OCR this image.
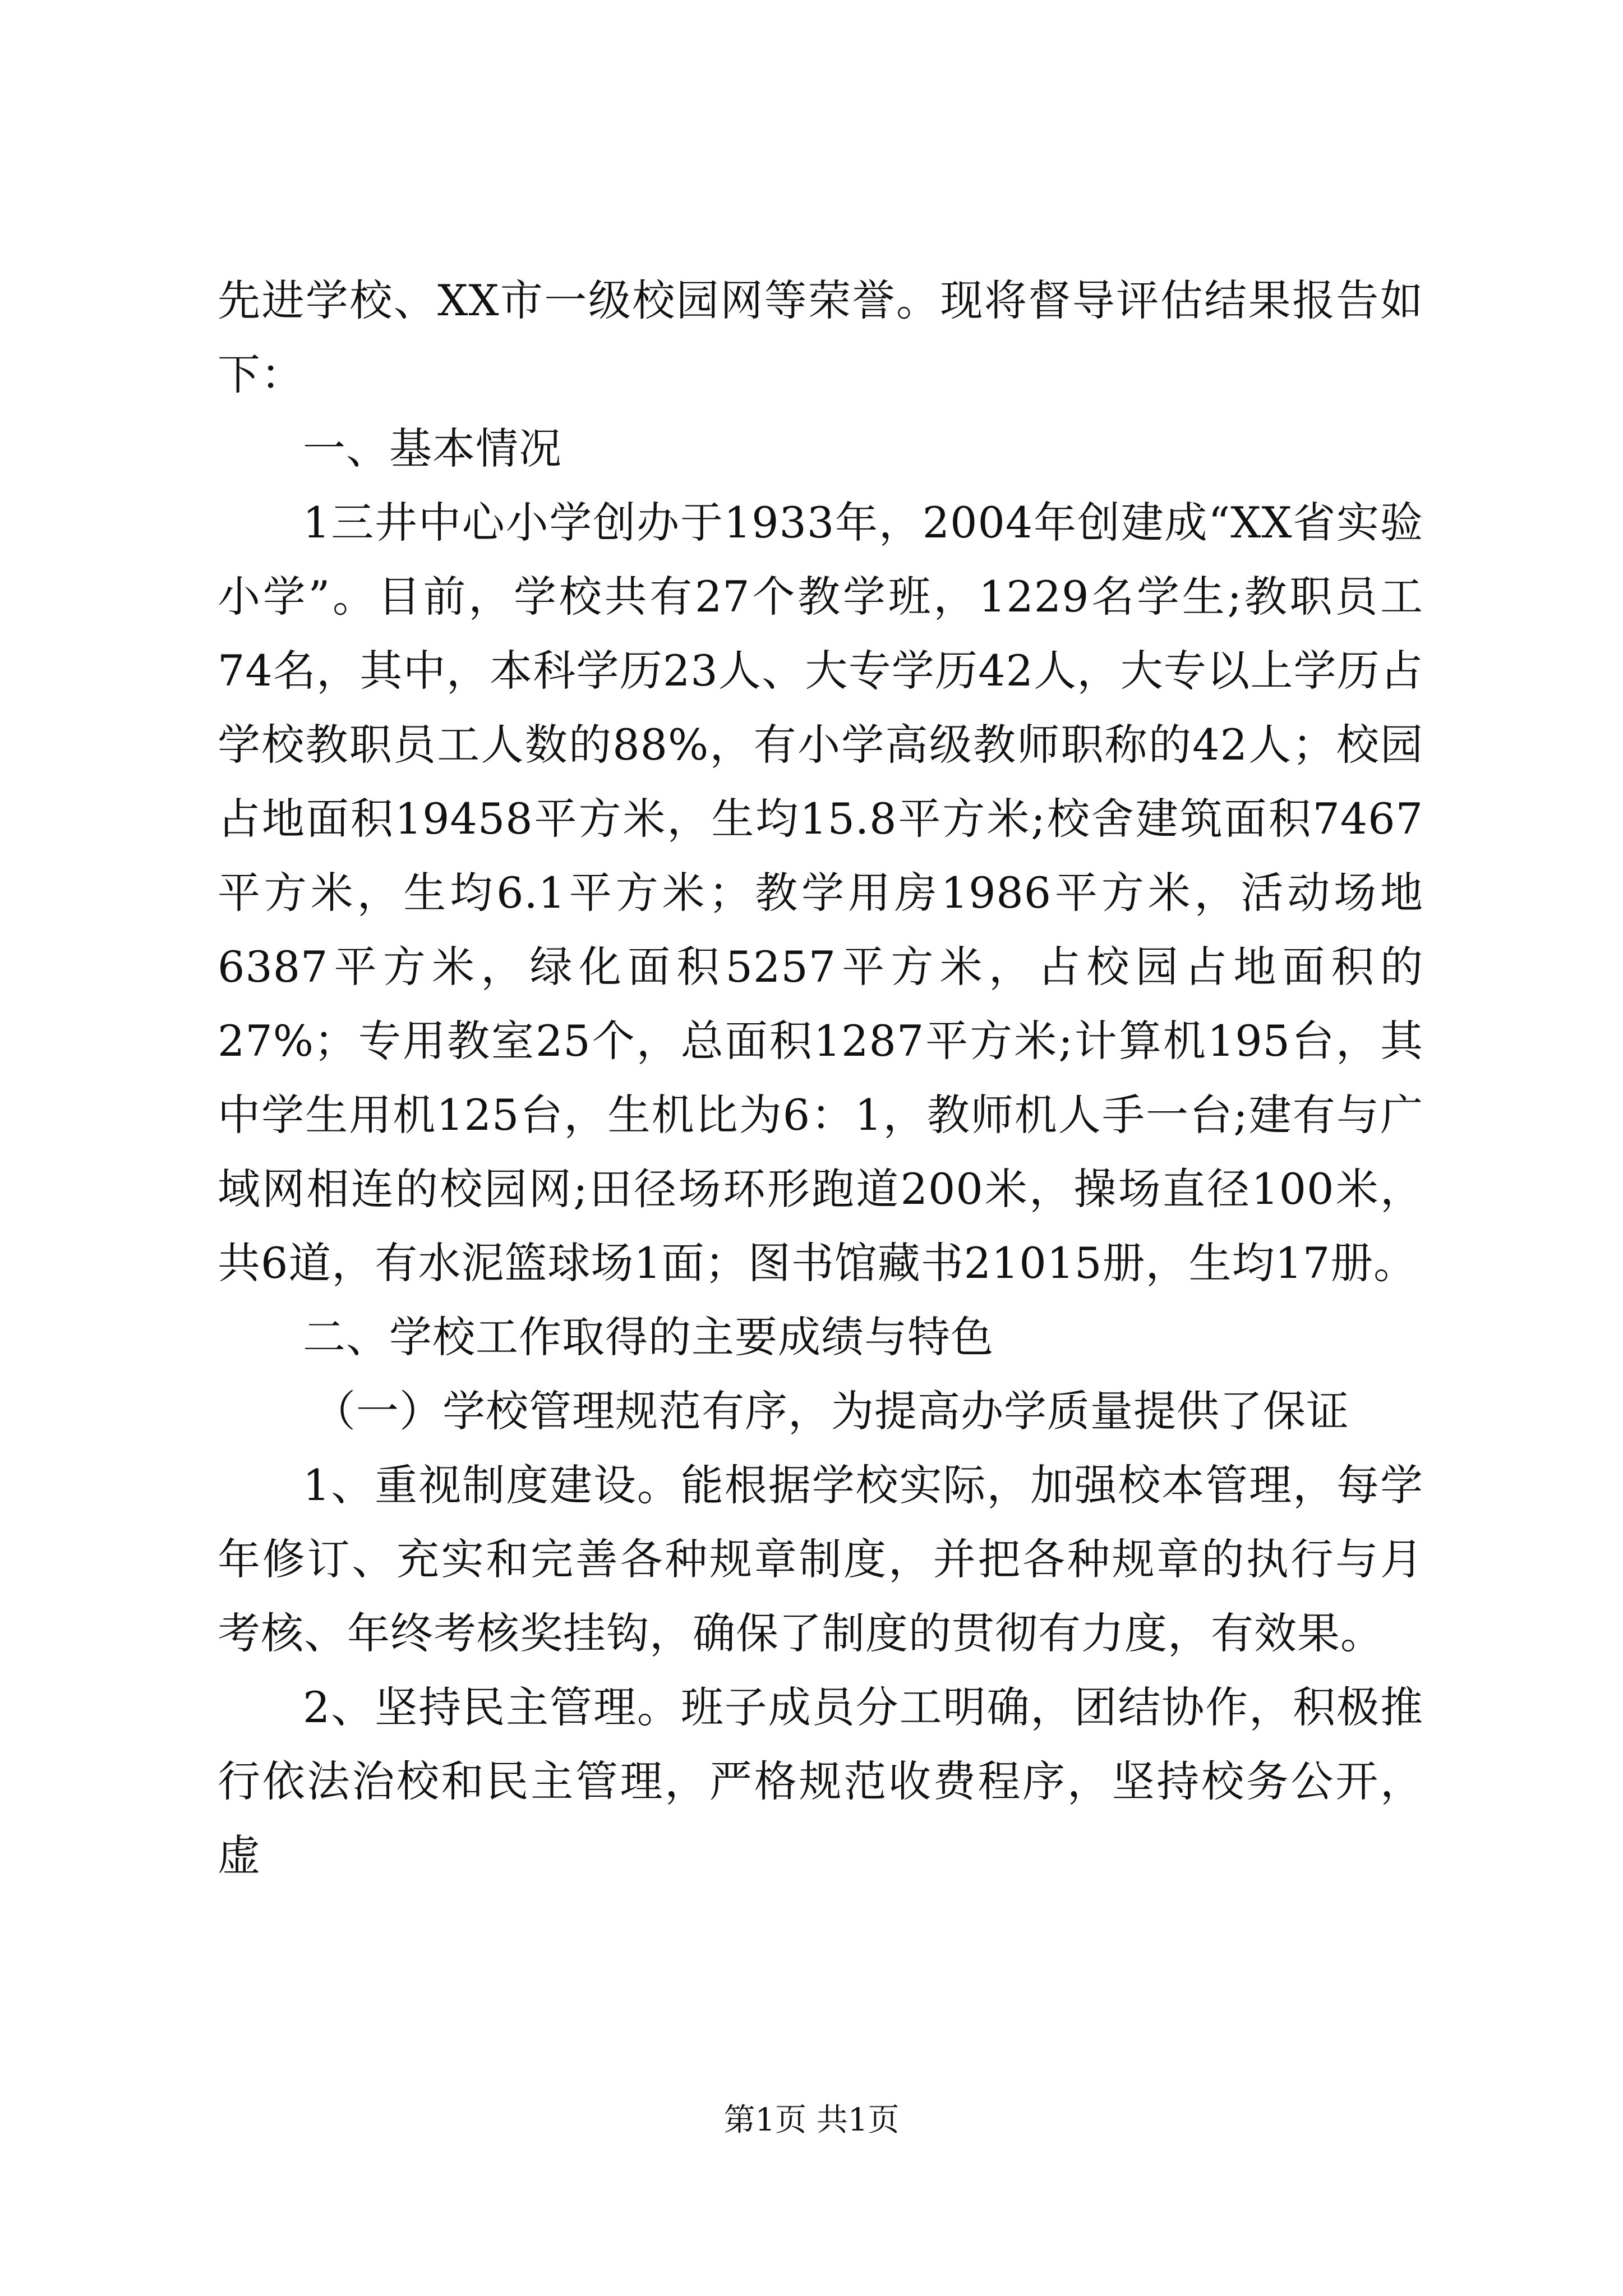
先进学校、XX市一级校园网等荣誉。现将督导评估结果报告如下：

一、基本情况

1三井中心小学创办于1933年，2004年创建成“XX省实验小学”。目前，学校共有27个教学班，1229名学生;教职员工74名，其中，本科学历23人、大专学历42人，大专以上学历占学校教职员工人数的88%，有小学高级教师职称的42人；校园占地面积19458平方米，生均15.8平方米;校舍建筑面积7467平方米，生均6.1平方米；教学用房1986平方米，活动场地6387平方米，绿化面积5257平方米，占校园占地面积的27%；专用教室25个，总面积1287平方米;计算机195台，其中学生用机125台，生机比为6：1，教师机人手一台;建有与广域网相连的校园网;田径场环形跑道200米，操场直径100米，共6道，有水泥篮球场1面；图书馆藏书21015册，生均17册。

二、学校工作取得的主要成绩与特色

（一）学校管理规范有序，为提高办学质量提供了保证

1、重视制度建设。能根据学校实际，加强校本管理，每学年修订、充实和完善各种规章制度，并把各种规章的执行与月考核、年终考核奖挂钩，确保了制度的贯彻有力度，有效果。

2、坚持民主管理。班子成员分工明确，团结协作，积极推行依法治校和民主管理，严格规范收费程序，坚持校务公开，虚

第1页 共1页
